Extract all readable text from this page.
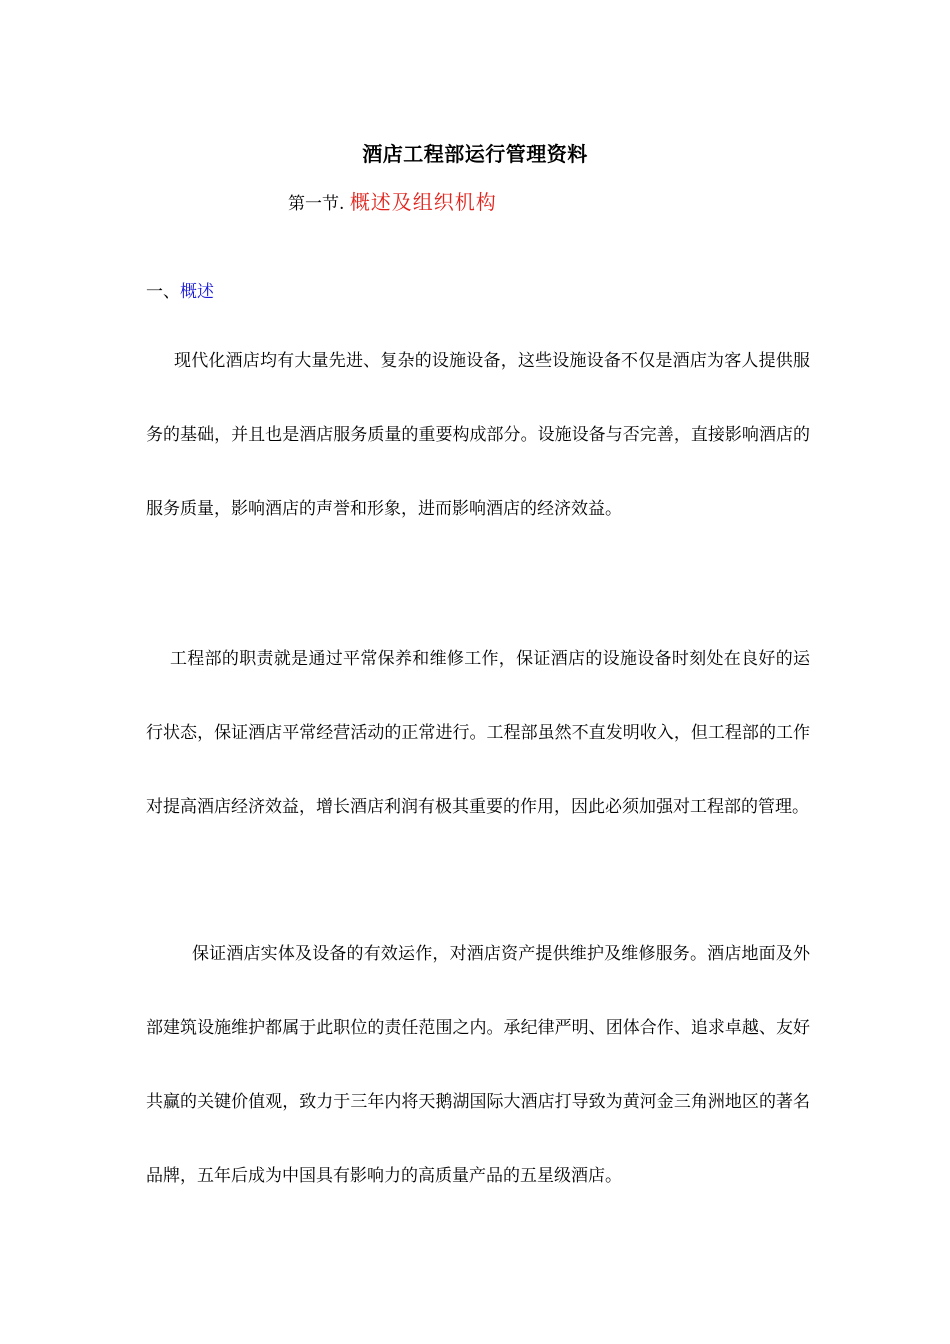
酒店工程部运行管理资料
第一节. 概述及组织机构
一、概述

现代化酒店均有大量先进、复杂的设施设备，这些设施设备不仅是酒店为客人提供服务的基础，并且也是酒店服务质量的重要构成部分。设施设备与否完善，直接影响酒店的服务质量，影响酒店的声誉和形象，进而影响酒店的经济效益。

工程部的职责就是通过平常保养和维修工作，保证酒店的设施设备时刻处在良好的运行状态，保证酒店平常经营活动的正常进行。工程部虽然不直发明收入，但工程部的工作对提高酒店经济效益，增长酒店利润有极其重要的作用，因此必须加强对工程部的管理。

保证酒店实体及设备的有效运作，对酒店资产提供维护及维修服务。酒店地面及外部建筑设施维护都属于此职位的责任范围之内。承纪律严明、团体合作、追求卓越、友好共赢的关键价值观，致力于三年内将天鹅湖国际大酒店打导致为黄河金三角洲地区的著名品牌，五年后成为中国具有影响力的高质量产品的五星级酒店。
